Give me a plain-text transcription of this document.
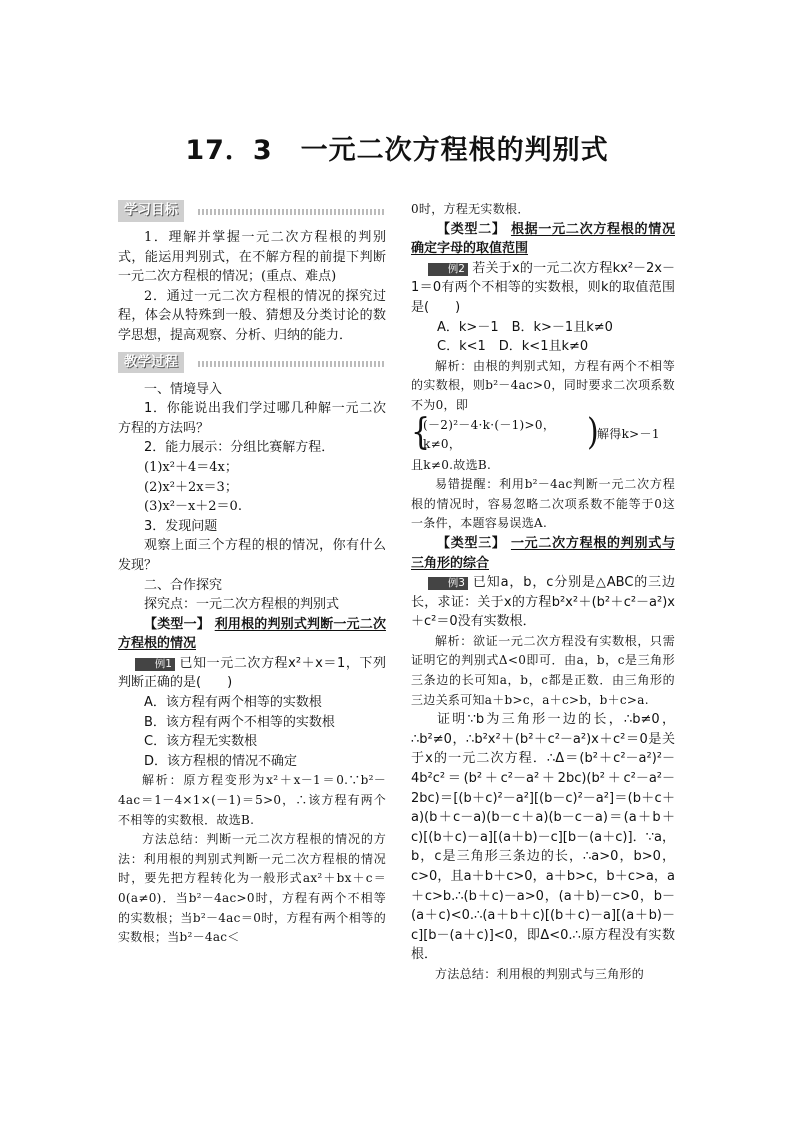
17．3　一元二次方程根的判别式
学习目标

1．理解并掌握一元二次方程根的判别式，能运用判别式，在不解方程的前提下判断一元二次方程根的情况；(重点、难点)

2．通过一元二次方程根的情况的探究过程，体会从特殊到一般、猜想及分类讨论的数学思想，提高观察、分析、归纳的能力．

教学过程

一、情境导入

1．你能说出我们学过哪几种解一元二次方程的方法吗？

2．能力展示：分组比赛解方程．

(1)x²＋4＝4x；

(2)x²＋2x＝3；

(3)x²－x＋2＝0.

3．发现问题

观察上面三个方程的根的情况，你有什么发现？

二、合作探究

探究点：一元二次方程根的判别式

【类型一】 利用根的判别式判断一元二次方程根的情况

例1 已知一元二次方程x²＋x＝1，下列判断正确的是(　　)

A．该方程有两个相等的实数根

B．该方程有两个不相等的实数根

C．该方程无实数根

D．该方程根的情况不确定

解析：原方程变形为x²＋x－1＝0.∵b²－4ac＝1－4×1×(－1)＝5>0，∴该方程有两个不相等的实数根．故选B.

方法总结：判断一元二次方程根的情况的方法：利用根的判别式判断一元二次方程根的情况时，要先把方程转化为一般形式ax²＋bx＋c＝0(a≠0)．当b²－4ac>0时，方程有两个不相等的实数根；当b²－4ac＝0时，方程有两个相等的实数根；当b²－4ac＜

0时，方程无实数根．

【类型二】 根据一元二次方程根的情况确定字母的取值范围

例2 若关于x的一元二次方程kx²－2x－1＝0有两个不相等的实数根，则k的取值范围是(　　)

A．k>－1　B．k>－1且k≠0

C．k<1　D．k<1且k≠0

解析：由根的判别式知，方程有两个不相等的实数根，则b²－4ac>0，同时要求二次项系数不为0，即

{
(－2)²－4·k·(－1)>0，
k≠0，	)
解得k>－1

且k≠0.故选B.

易错提醒：利用b²－4ac判断一元二次方程根的情况时，容易忽略二次项系数不能等于0这一条件，本题容易误选A.

【类型三】 一元二次方程根的判别式与三角形的综合

例3 已知a，b，c分别是△ABC的三边长，求证：关于x的方程b²x²＋(b²＋c²－a²)x＋c²＝0没有实数根．

解析：欲证一元二次方程没有实数根，只需证明它的判别式Δ<0即可．由a，b，c是三角形三条边的长可知a，b，c都是正数．由三角形的三边关系可知a＋b>c，a＋c>b，b＋c>a.

证明∵b为三角形一边的长，∴b≠0，∴b²≠0，∴b²x²＋(b²＋c²－a²)x＋c²＝0是关于x的一元二次方程．∴Δ＝(b²＋c²－a²)²－4b²c²＝(b²＋c²－a²＋2bc)(b²＋c²－a²－2bc)＝[(b＋c)²－a²][(b－c)²－a²]＝(b＋c＋a)(b＋c－a)(b－c＋a)(b－c－a)＝(a＋b＋c)[(b＋c)－a][(a＋b)－c][b－(a＋c)]．∵a，b，c是三角形三条边的长，∴a>0，b>0，c>0，且a＋b＋c>0，a＋b>c，b＋c>a，a＋c>b.∴(b＋c)－a>0，(a＋b)－c>0，b－(a＋c)<0.∴(a＋b＋c)[(b＋c)－a][(a＋b)－c][b－(a＋c)]<0，即Δ<0.∴原方程没有实数根．

方法总结：利用根的判别式与三角形的
